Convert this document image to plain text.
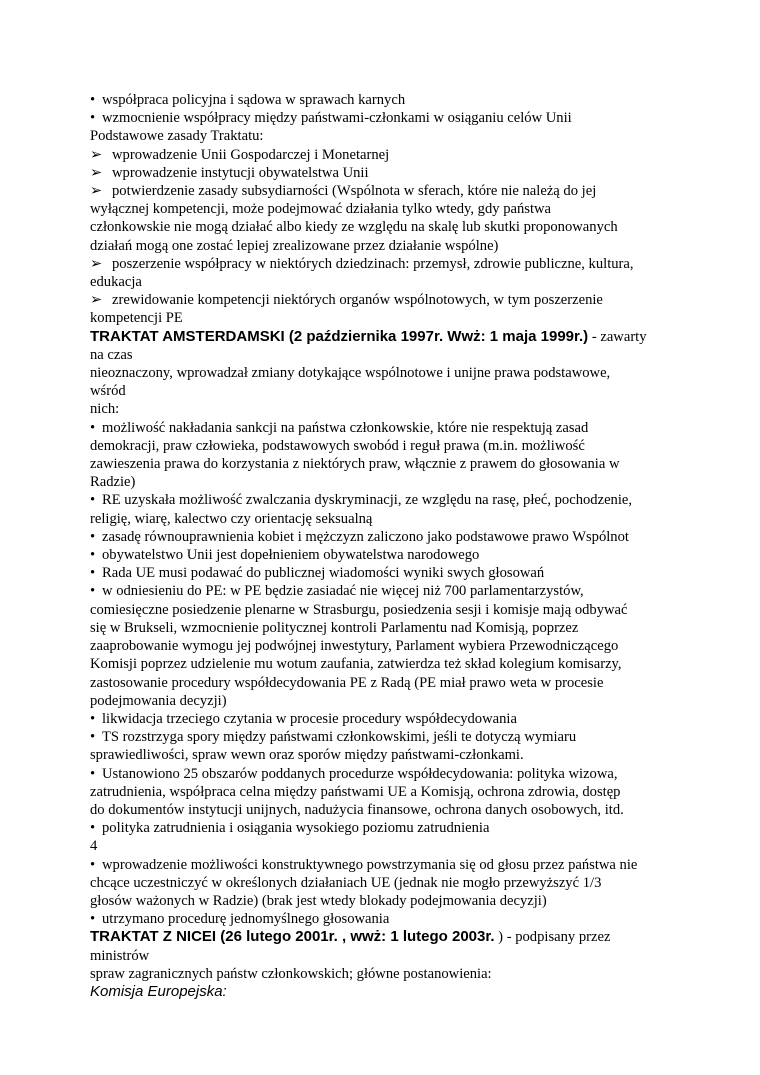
• współpraca policyjna i sądowa w sprawach karnych
• wzmocnienie współpracy między państwami-członkami w osiąganiu celów Unii
Podstawowe zasady Traktatu:
➢ wprowadzenie Unii Gospodarczej i Monetarnej
➢ wprowadzenie instytucji obywatelstwa Unii
➢ potwierdzenie zasady subsydiarności (Wspólnota w sferach, które nie należą do jej
wyłącznej kompetencji, może podejmować działania tylko wtedy, gdy państwa
członkowskie nie mogą działać albo kiedy ze względu na skalę lub skutki proponowanych
działań mogą one zostać lepiej zrealizowane przez działanie wspólne)
➢ poszerzenie współpracy w niektórych dziedzinach: przemysł, zdrowie publiczne, kultura,
edukacja
➢ zrewidowanie kompetencji niektórych organów wspólnotowych, w tym poszerzenie
kompetencji PE
TRAKTAT AMSTERDAMSKI (2 października 1997r. Wwż: 1 maja 1999r.) - zawarty
na czas
nieoznaczony, wprowadzał zmiany dotykające wspólnotowe i unijne prawa podstawowe,
wśród
nich:
• możliwość nakładania sankcji na państwa członkowskie, które nie respektują zasad
demokracji, praw człowieka, podstawowych swobód i reguł prawa (m.in. możliwość
zawieszenia prawa do korzystania z niektórych praw, włącznie z prawem do głosowania w
Radzie)
• RE uzyskała możliwość zwalczania dyskryminacji, ze względu na rasę, płeć, pochodzenie,
religię, wiarę, kalectwo czy orientację seksualną
• zasadę równouprawnienia kobiet i mężczyzn zaliczono jako podstawowe prawo Wspólnot
• obywatelstwo Unii jest dopełnieniem obywatelstwa narodowego
• Rada UE musi podawać do publicznej wiadomości wyniki swych głosowań
• w odniesieniu do PE: w PE będzie zasiadać nie więcej niż 700 parlamentarzystów,
comiesięczne posiedzenie plenarne w Strasburgu, posiedzenia sesji i komisje mają odbywać
się w Brukseli, wzmocnienie politycznej kontroli Parlamentu nad Komisją, poprzez
zaaprobowanie wymogu jej podwójnej inwestytury, Parlament wybiera Przewodniczącego
Komisji poprzez udzielenie mu wotum zaufania, zatwierdza też skład kolegium komisarzy,
zastosowanie procedury współdecydowania PE z Radą (PE miał prawo weta w procesie
podejmowania decyzji)
• likwidacja trzeciego czytania w procesie procedury współdecydowania
• TS rozstrzyga spory między państwami członkowskimi, jeśli te dotyczą wymiaru
sprawiedliwości, spraw wewn oraz sporów między państwami-członkami.
• Ustanowiono 25 obszarów poddanych procedurze współdecydowania: polityka wizowa,
zatrudnienia, współpraca celna między państwami UE a Komisją, ochrona zdrowia, dostęp
do dokumentów instytucji unijnych, nadużycia finansowe, ochrona danych osobowych, itd.
• polityka zatrudnienia i osiągania wysokiego poziomu zatrudnienia
4
• wprowadzenie możliwości konstruktywnego powstrzymania się od głosu przez państwa nie
chcące uczestniczyć w określonych działaniach UE (jednak nie mogło przewyższyć 1/3
głosów ważonych w Radzie) (brak jest wtedy blokady podejmowania decyzji)
• utrzymano procedurę jednomyślnego głosowania
TRAKTAT Z NICEI (26 lutego 2001r. , wwż: 1 lutego 2003r. ) - podpisany przez
ministrów
spraw zagranicznych państw członkowskich; główne postanowienia:
Komisja Europejska:
